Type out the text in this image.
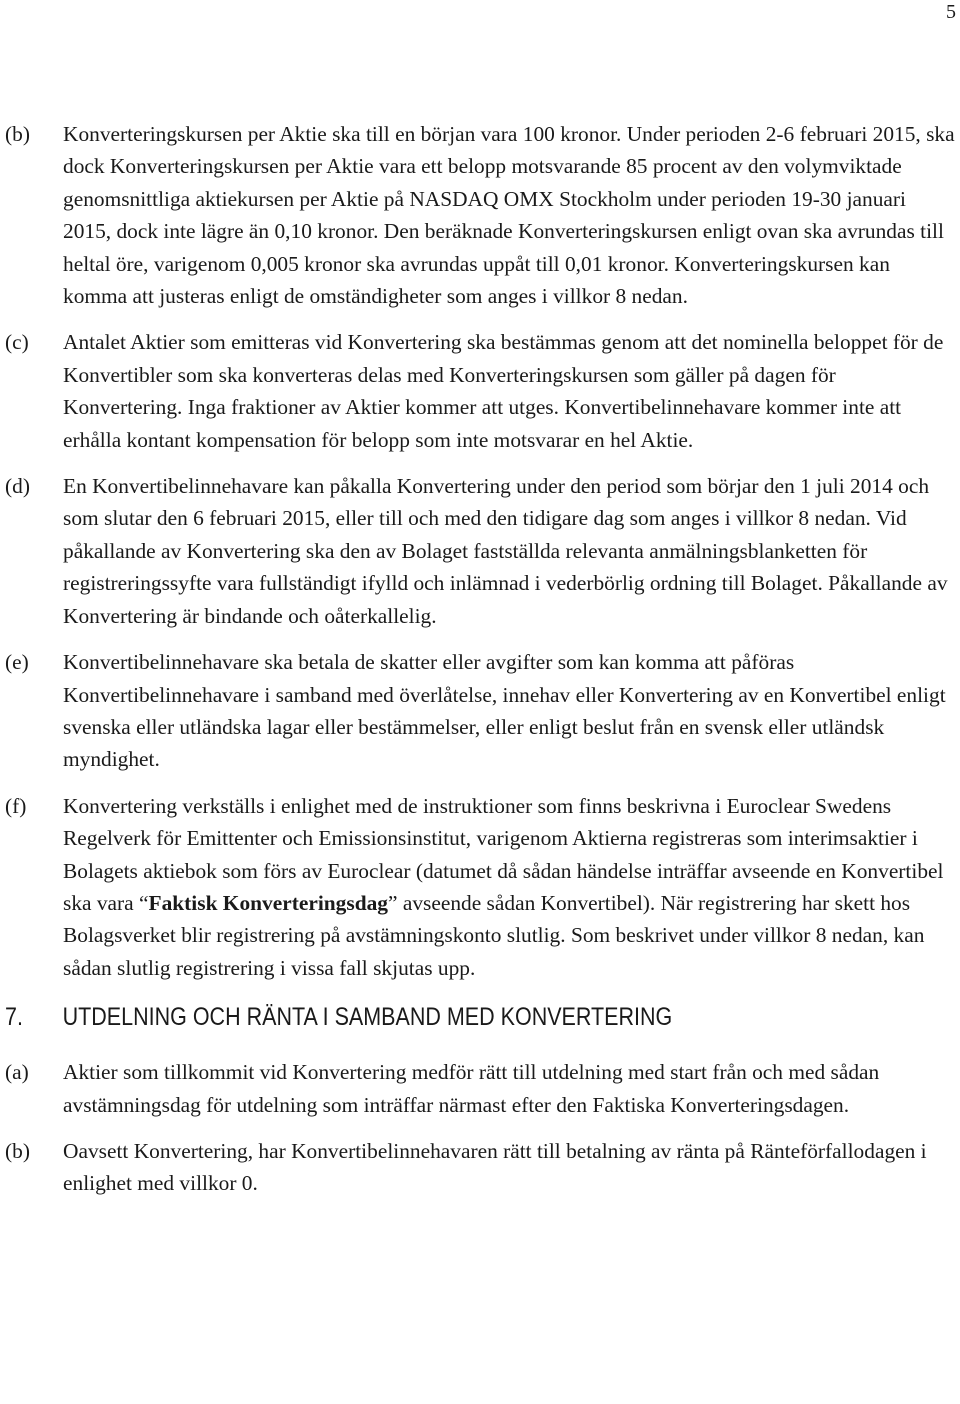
5
(b)	Konverteringskursen per Aktie ska till en början vara 100 kronor. Under perioden 2-6 februari 2015, ska dock Konverteringskursen per Aktie vara ett belopp motsvarande 85 procent av den volymviktade genomsnittliga aktiekursen per Aktie på NASDAQ OMX Stockholm under perioden 19-30 januari 2015, dock inte lägre än 0,10 kronor. Den beräknade Konverteringskursen enligt ovan ska avrundas till heltal öre, varigenom 0,005 kronor ska avrundas uppåt till 0,01 kronor. Konverteringskursen kan komma att justeras enligt de omständigheter som anges i villkor 8 nedan.
(c)	Antalet Aktier som emitteras vid Konvertering ska bestämmas genom att det nominella beloppet för de Konvertibler som ska konverteras delas med Konverteringskursen som gäller på dagen för Konvertering. Inga fraktioner av Aktier kommer att utges. Konvertibelinnehavare kommer inte att erhålla kontant kompensation för belopp som inte motsvarar en hel Aktie.
(d)	En Konvertibelinnehavare kan påkalla Konvertering under den period som börjar den 1 juli 2014 och som slutar den 6 februari 2015, eller till och med den tidigare dag som anges i villkor 8 nedan. Vid påkallande av Konvertering ska den av Bolaget fastställda relevanta anmälningsblanketten för registreringssyfte vara fullständigt ifylld och inlämnad i vederbörlig ordning till Bolaget. Påkallande av Konvertering är bindande och oåterkallelig.
(e)	Konvertibelinnehavare ska betala de skatter eller avgifter som kan komma att påföras Konvertibelinnehavare i samband med överlåtelse, innehav eller Konvertering av en Konvertibel enligt svenska eller utländska lagar eller bestämmelser, eller enligt beslut från en svensk eller utländsk myndighet.
(f)	Konvertering verkställs i enlighet med de instruktioner som finns beskrivna i Euroclear Swedens Regelverk för Emittenter och Emissionsinstitut, varigenom Aktierna registreras som interimsaktier i Bolagets aktiebok som förs av Euroclear (datumet då sådan händelse inträffar avseende en Konvertibel ska vara “Faktisk Konverteringsdag” avseende sådan Konvertibel). När registrering har skett hos Bolagsverket blir registrering på avstämningskonto slutlig. Som beskrivet under villkor 8 nedan, kan sådan slutlig registrering i vissa fall skjutas upp.
7.	UTDELNING OCH RÄNTA I SAMBAND MED KONVERTERING
(a)	Aktier som tillkommit vid Konvertering medför rätt till utdelning med start från och med sådan avstämningsdag för utdelning som inträffar närmast efter den Faktiska Konverteringsdagen.
(b)	Oavsett Konvertering, har Konvertibelinnehavaren rätt till betalning av ränta på Ränteförfallodagen i enlighet med villkor 0.
